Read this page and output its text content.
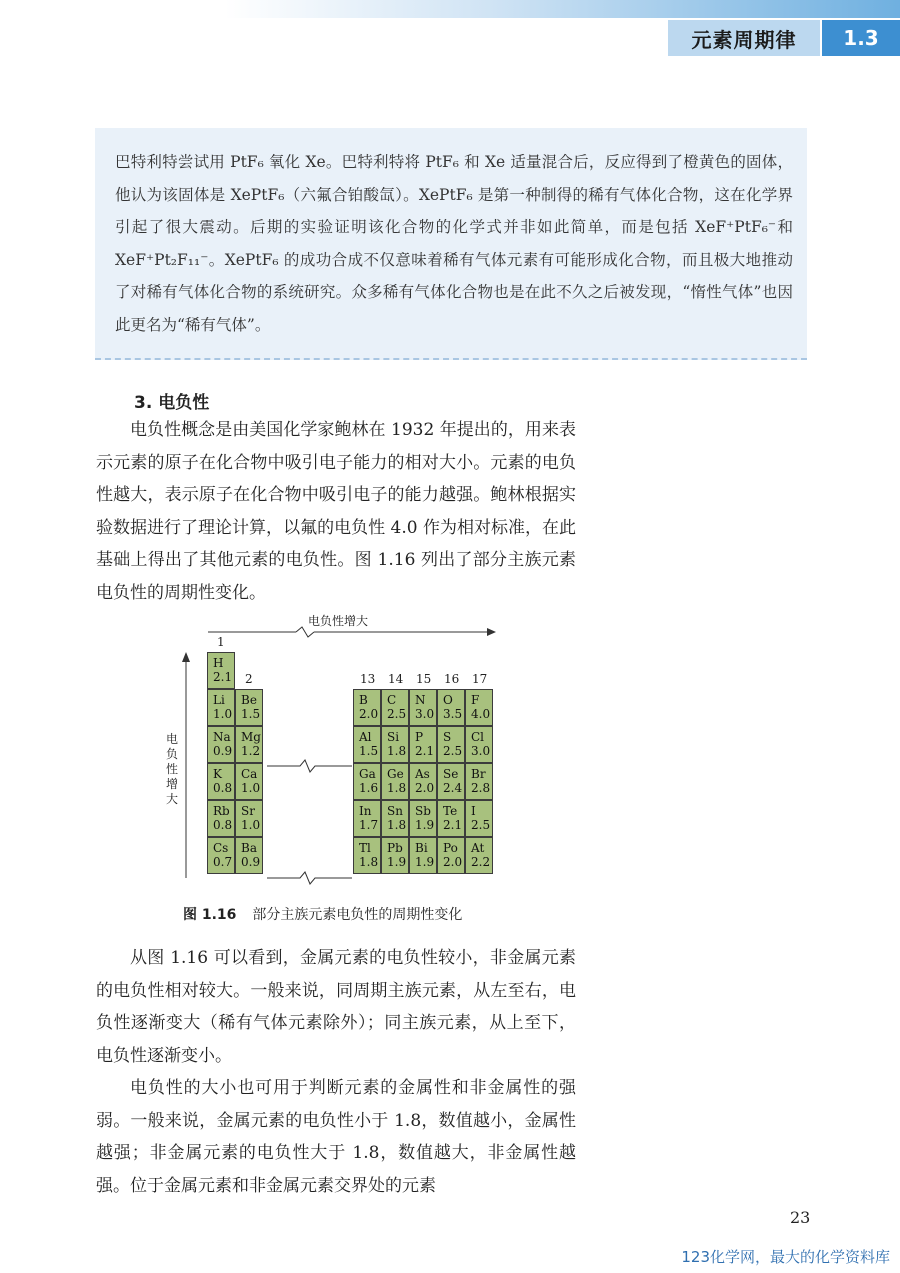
元素周期律	1.3
巴特利特尝试用 PtF₆ 氧化 Xe。巴特利特将 PtF₆ 和 Xe 适量混合后，反应得到了橙黄色的固体，他认为该固体是 XePtF₆（六氟合铂酸氙）。XePtF₆ 是第一种制得的稀有气体化合物，这在化学界引起了很大震动。后期的实验证明该化合物的化学式并非如此简单，而是包括 XeF⁺PtF₆⁻和 XeF⁺Pt₂F₁₁⁻。XePtF₆ 的成功合成不仅意味着稀有气体元素有可能形成化合物，而且极大地推动了对稀有气体化合物的系统研究。众多稀有气体化合物也是在此不久之后被发现，“惰性气体”也因此更名为“稀有气体”。
3. 电负性
电负性概念是由美国化学家鲍林在 1932 年提出的，用来表示元素的原子在化合物中吸引电子能力的相对大小。元素的电负性越大，表示原子在化合物中吸引电子的能力越强。鲍林根据实验数据进行了理论计算，以氟的电负性 4.0 作为相对标准，在此基础上得出了其他元素的电负性。图 1.16 列出了部分主族元素电负性的周期性变化。
电负性增大
电负性增大
H
2.1
Li
1.0
Na
0.9
K
0.8
Rb
0.8
Cs
0.7
Be
1.5
Mg
1.2
Ca
1.0
Sr
1.0
Ba
0.9
B
2.0
C
2.5
N
3.0
O
3.5
F
4.0
Al
1.5
Si
1.8
P
2.1
S
2.5
Cl
3.0
Ga
1.6
Ge
1.8
As
2.0
Se
2.4
Br
2.8
In
1.7
Sn
1.8
Sb
1.9
Te
2.1
I
2.5
Tl
1.8
Pb
1.9
Bi
1.9
Po
2.0
At
2.2
1
2	13 14 15 16 17
图 1.16 部分主族元素电负性的周期性变化
从图 1.16 可以看到，金属元素的电负性较小，非金属元素的电负性相对较大。一般来说，同周期主族元素，从左至右，电负性逐渐变大（稀有气体元素除外）；同主族元素，从上至下，电负性逐渐变小。
电负性的大小也可用于判断元素的金属性和非金属性的强弱。一般来说，金属元素的电负性小于 1.8，数值越小，金属性越强；非金属元素的电负性大于 1.8，数值越大，非金属性越强。位于金属元素和非金属元素交界处的元素
23
123化学网，最大的化学资料库
